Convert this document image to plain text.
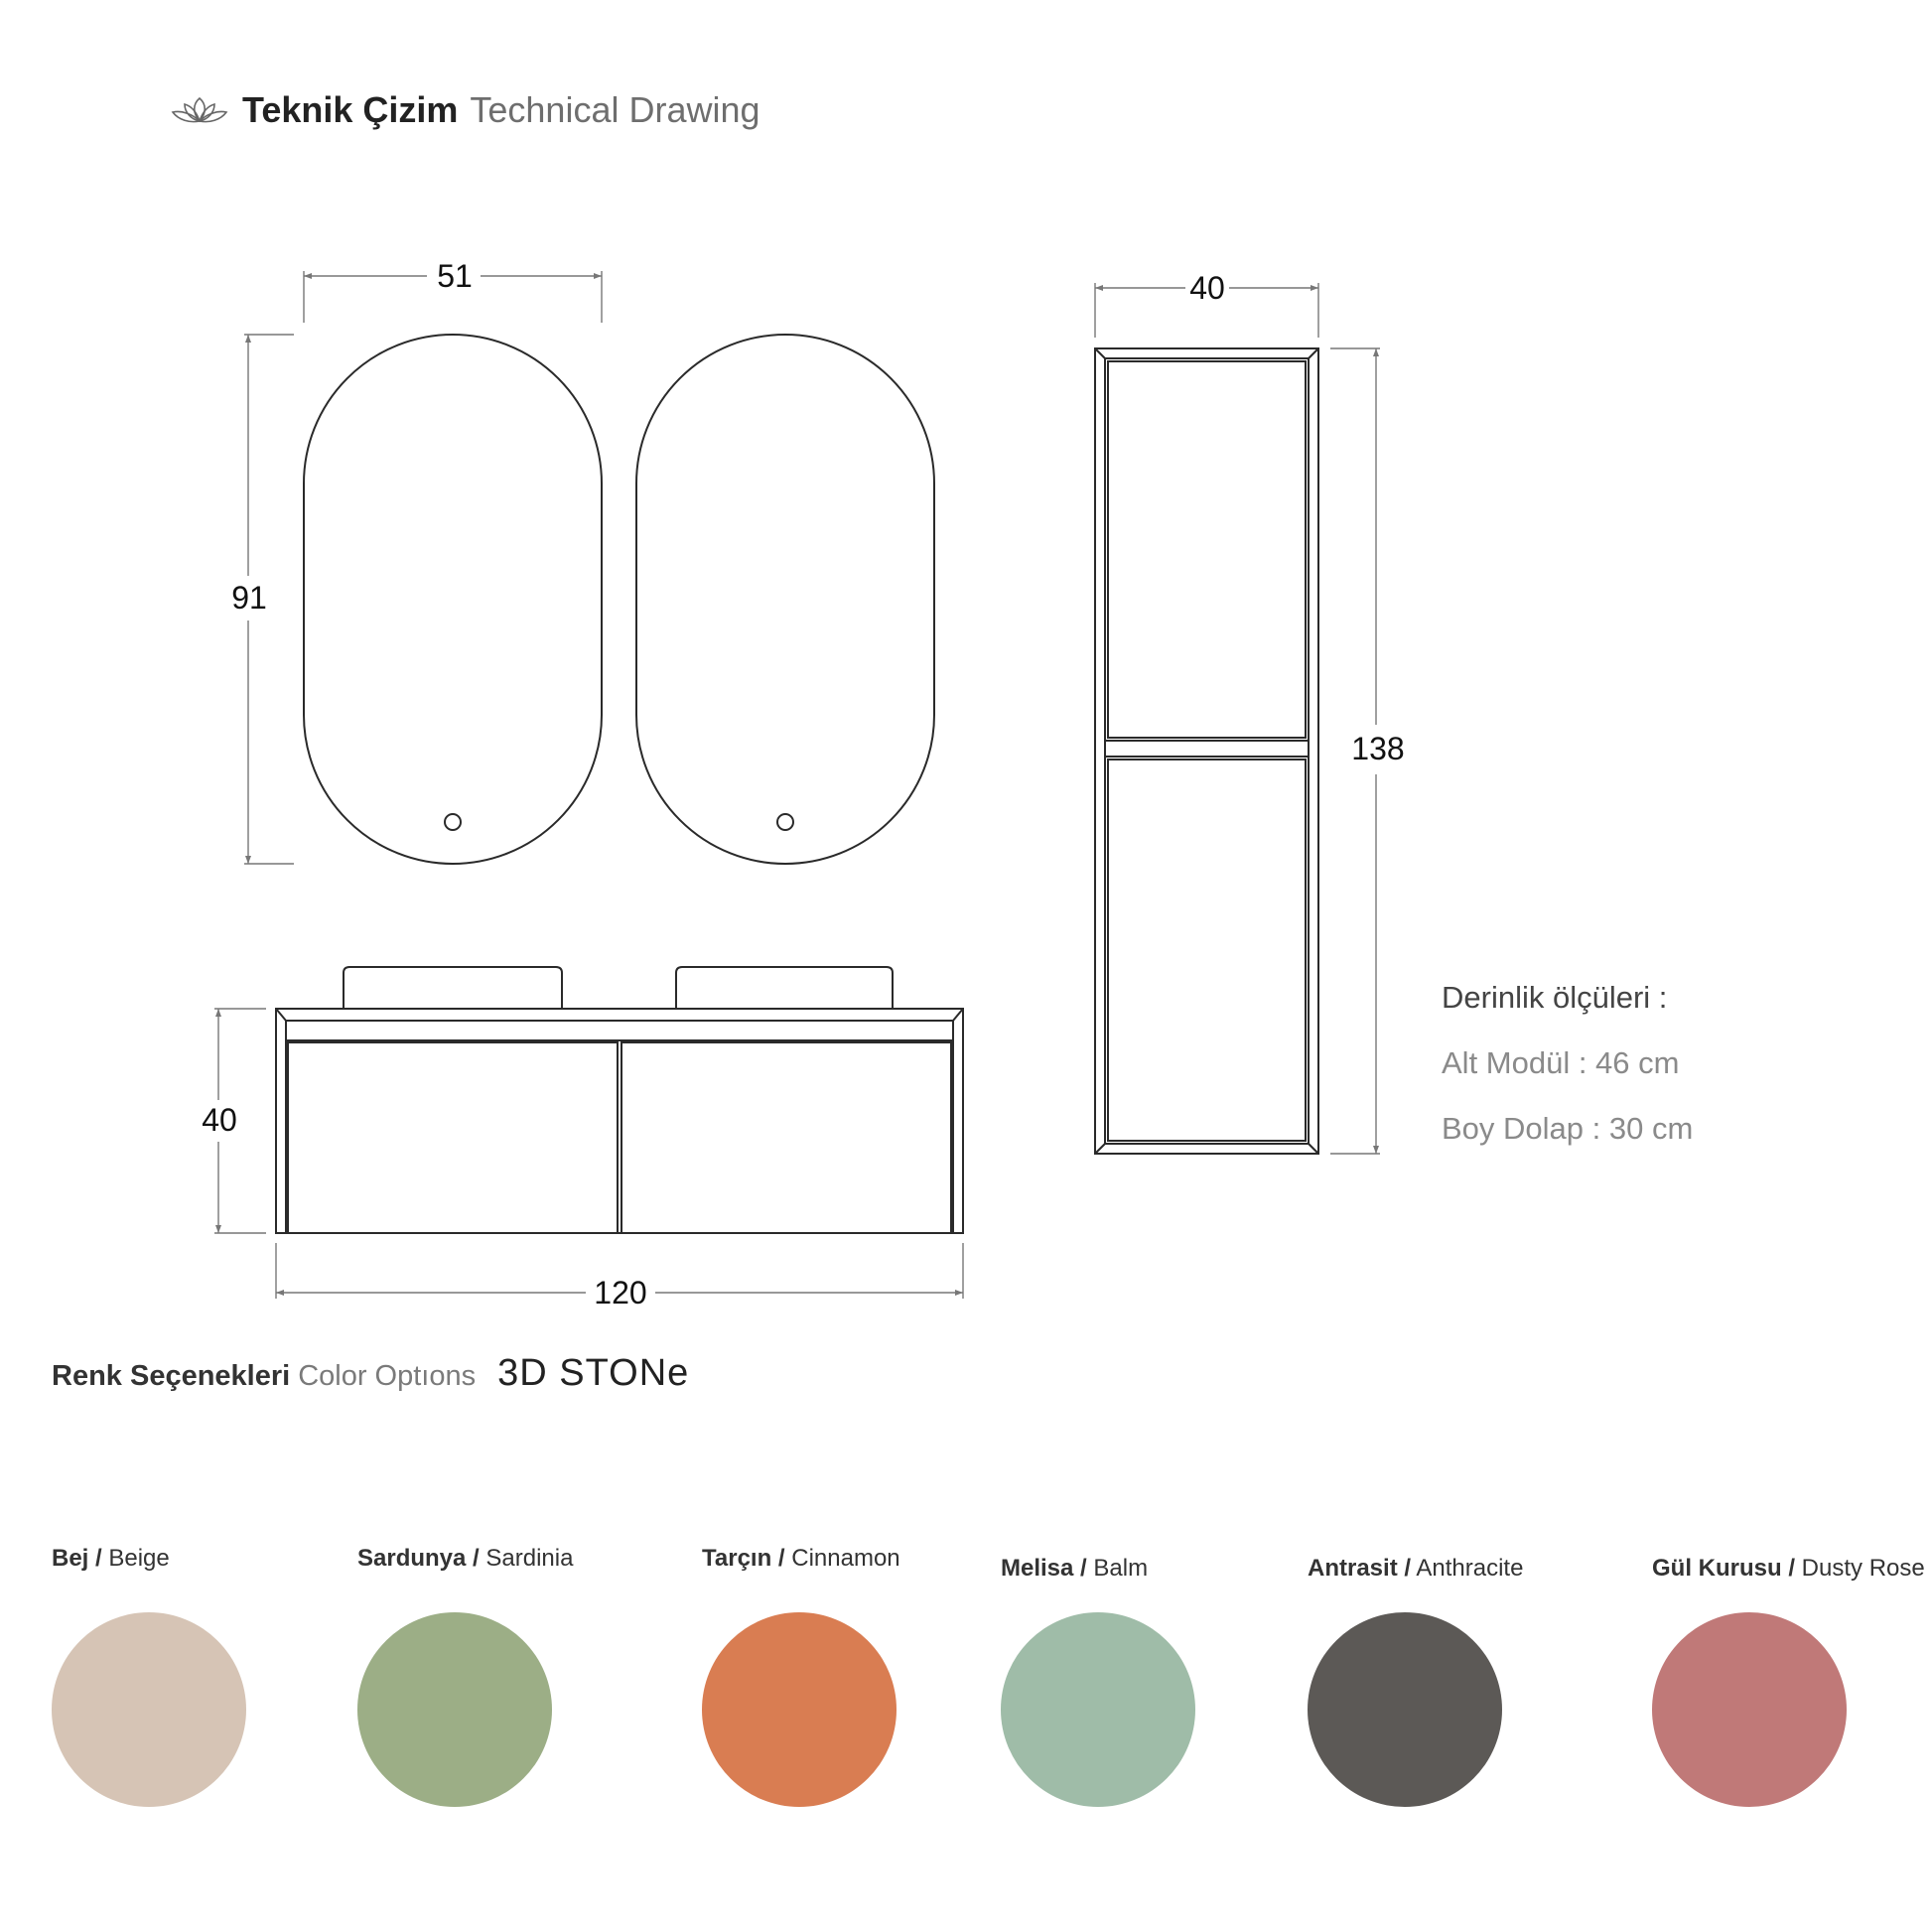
Teknik Çizim Technical Drawing
51
91
40
120
40
138
Derinlik ölçüleri :
Alt Modül : 46 cm
Boy Dolap : 30 cm
Renk Seçenekleri Color Optıons 3D STONe
Bej / Beige	Sardunya / Sardinia	Tarçın / Cinnamon	Melisa / Balm	Antrasit / Anthracite	Gül Kurusu / Dusty Rose
